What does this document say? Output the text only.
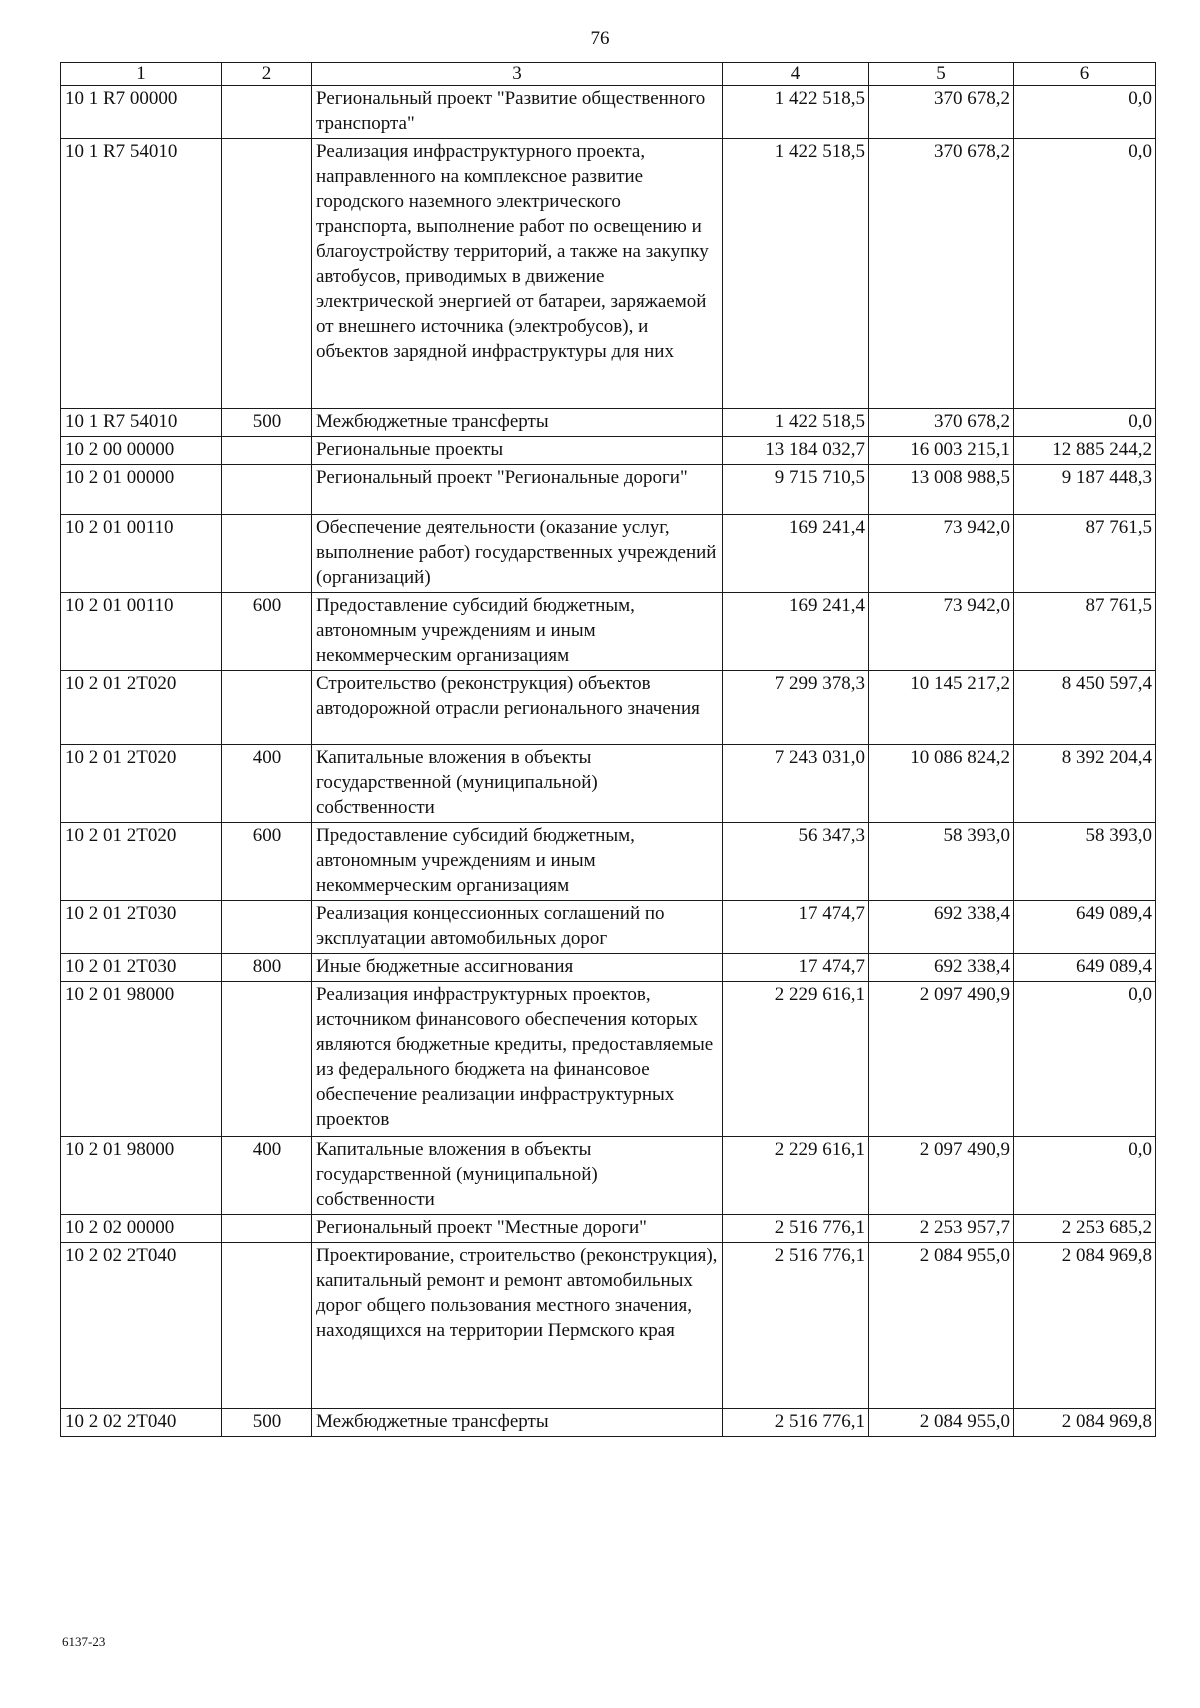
76
1	2	3	4	5	6
10 1 R7 00000		Региональный проект "Развитие общественного транспорта"	1 422 518,5	370 678,2	0,0
10 1 R7 54010		Реализация инфраструктурного проекта, направленного на комплексное развитие городского наземного электрического транспорта, выполнение работ по освещению и благоустройству территорий, а также на закупку автобусов, приводимых в движение электрической энергией от батареи, заряжаемой от внешнего источника (электробусов), и объектов зарядной инфраструктуры для них	1 422 518,5	370 678,2	0,0
10 1 R7 54010	500	Межбюджетные трансферты	1 422 518,5	370 678,2	0,0
10 2 00 00000		Региональные проекты	13 184 032,7	16 003 215,1	12 885 244,2
10 2 01 00000		Региональный проект "Региональные дороги"	9 715 710,5	13 008 988,5	9 187 448,3
10 2 01 00110		Обеспечение деятельности (оказание услуг, выполнение работ) государственных учреждений (организаций)	169 241,4	73 942,0	87 761,5
10 2 01 00110	600	Предоставление субсидий бюджетным, автономным учреждениям и иным некоммерческим организациям	169 241,4	73 942,0	87 761,5
10 2 01 2Т020		Строительство (реконструкция) объектов автодорожной отрасли регионального значения	7 299 378,3	10 145 217,2	8 450 597,4
10 2 01 2Т020	400	Капитальные вложения в объекты государственной (муниципальной) собственности	7 243 031,0	10 086 824,2	8 392 204,4
10 2 01 2Т020	600	Предоставление субсидий бюджетным, автономным учреждениям и иным некоммерческим организациям	56 347,3	58 393,0	58 393,0
10 2 01 2Т030		Реализация концессионных соглашений по эксплуатации автомобильных дорог	17 474,7	692 338,4	649 089,4
10 2 01 2Т030	800	Иные бюджетные ассигнования	17 474,7	692 338,4	649 089,4
10 2 01 98000		Реализация инфраструктурных проектов, источником финансового обеспечения которых являются бюджетные кредиты, предоставляемые из федерального бюджета на финансовое обеспечение реализации инфраструктурных проектов	2 229 616,1	2 097 490,9	0,0
10 2 01 98000	400	Капитальные вложения в объекты государственной (муниципальной) собственности	2 229 616,1	2 097 490,9	0,0
10 2 02 00000		Региональный проект "Местные дороги"	2 516 776,1	2 253 957,7	2 253 685,2
10 2 02 2Т040		Проектирование, строительство (реконструкция), капитальный ремонт и ремонт автомобильных дорог общего пользования местного значения, находящихся на территории Пермского края	2 516 776,1	2 084 955,0	2 084 969,8
10 2 02 2Т040	500	Межбюджетные трансферты	2 516 776,1	2 084 955,0	2 084 969,8
6137-23
